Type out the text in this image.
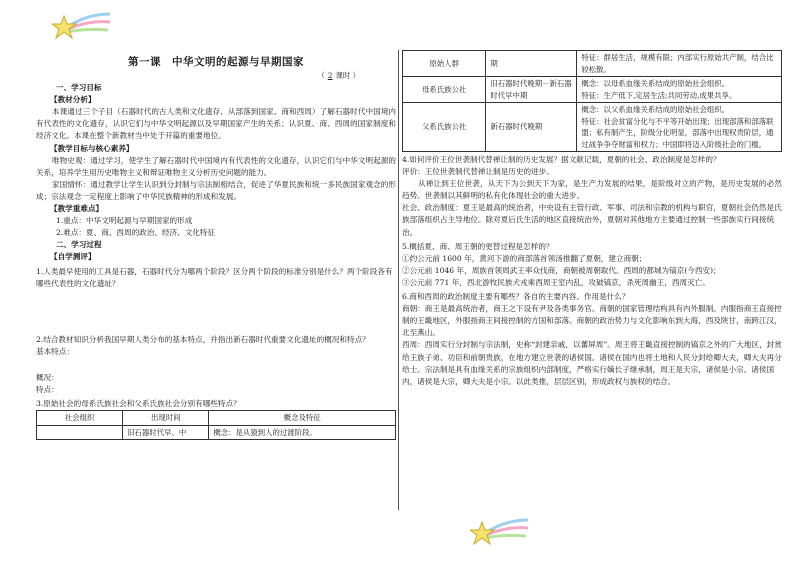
第一课　中华文明的起源与早期国家
（ 2 课时 ）
一、学习目标
【教材分析】
本课通过三个子目（石器时代的古人类和文化遗存、从部落到国家、商和西周）了解石器时代中国境内有代表性的文化遗存，认识它们与中华文明起源以及早期国家产生的关系；认识夏、商、西周的国家制度和经济文化。本课在整个新教材当中处于开篇的重要地位。
【教学目标与核心素养】
唯物史观：通过学习，使学生了解石器时代中国境内有代表性的文化遗存，认识它们与中华文明起源的关系，培养学生用历史唯物主义和辩证唯物主义分析历史问题的能力。
家国情怀：通过教学让学生认识到分封制与宗法制相结合，促进了华夏民族和统一多民族国家观念的形成；宗法观念一定程度上影响了中华民族精神的形成和发展。
【教学重难点】
1.重点：中华文明起源与早期国家的形成
2.难点：夏、商、西周的政治、经济、文化特征
二、学习过程
【自学测评】
1.人类最早使用的工具是石器，石器时代分为哪两个阶段？区分两个阶段的标准分别是什么？两个阶段各有哪些代表性的文化遗址？
2.结合教材知识分析我国早期人类分布的基本特点，并指出新石器时代重要文化遗址的概况和特点？
基本特点：
概况：
特点：
3.原始社会的母系氏族社会和父系氏族社会分别有哪些特点？
社会组织	出现时间	概念及特征
	旧石器时代早、中	概念：是从猿到人的过渡阶段。
原始人群	期	特征：群居生活，规模有限；内部实行原始共产制，结合比较松散。
母系氏族公社	旧石器时代晚期－新石器时代早中期	概念：以母系血缘关系结成的原始社会组织。
特征：生产低下,定居生活;共同劳动,成果共享。

父系氏族公社	新石器时代晚期	概念：以父系血缘关系结成的原始社会组织。
特征：社会贫富分化与不平等开始出现；出现部落和部落联盟；私有制产生，阶级分化明显，部落中出现权贵阶层，通过战争争夺财富和权力；中国即将迈入阶级社会的门槛。
4.如何评价王位世袭制代替禅让制的历史发展？据文献记载，夏朝的社会、政治制度是怎样的？
评价：王位世袭制代替禅让制是历史的进步。
从禅让到王位世袭，从天下为公到天下为家，是生产力发展的结果，是阶级对立的产物，是历史发展的必然趋势。世袭制以其鲜明的私有化体现社会的重大进步。
社会、政治制度：夏王是最高的统治者，中央设有主管行政、军事、司法和宗教的机构与职官，夏朝社会仍然是氏族部落组织占主导地位。除对夏后氏生活的地区直接统治外，夏朝对其他地方主要通过控制一些部族实行间接统治。
5.概括夏、商、周王朝的更替过程是怎样的？
①约公元前 1600 年，黄河下游的商部落首领汤推翻了夏朝，建立商朝；
②公元前 1046 年，周族首领周武王率众伐商，商朝被周朝取代。西周的都城为镐京(今西安)；
③公元前 771 年，西北游牧民族犬戎乘西周王室内乱，攻破镐京，杀死周幽王，西周灭亡。
6.商和西周的政治制度主要有哪些？各自的主要内容、作用是什么？
商朝：商王是最高统治者，商王之下设有尹及各类事务官。商朝的国家管理结构具有内外服制。内服指商王直接控制的王畿地区，外服指商王间接控制的方国和部落。商朝的政治势力与文化影响东到大海，西及陕甘，南跨江汉，北至燕山。
西周：西周实行分封制与宗法制，史称“封建亲戚，以蕃屏周”。周王将王畿直接控制的镐京之外的广大地区，封赏给王族子弟、功臣和前朝贵族，在地方建立世袭的诸侯国。诸侯在国内也将土地和人民分封给卿大夫，卿大夫再分给士。宗法制是具有血缘关系的宗族组织内部制度，严格实行嫡长子继承制，周王是天宗，诸侯是小宗。诸侯国内，诸侯是大宗，卿大夫是小宗。以此类推，层层区别，形成政权与族权的结合。
